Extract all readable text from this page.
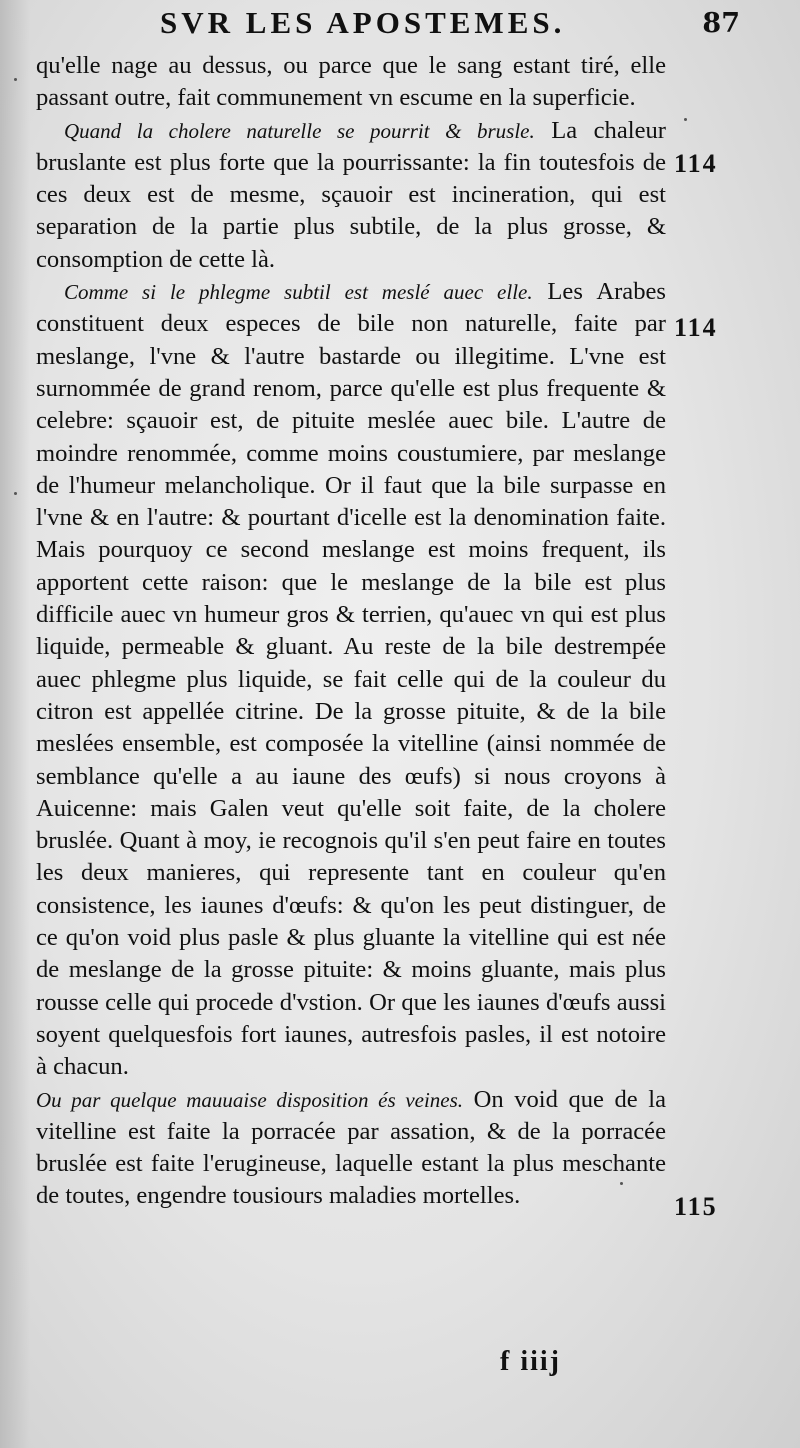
SVR LES APOSTEMES.	87

qu'elle nage au dessus, ou parce que le sang estant tiré, elle passant outre, fait communement vn escume en la superficie.

Quand la cholere naturelle se pourrit & brusle. La chaleur bruslante est plus forte que la pourrissante: la fin toutesfois de ces deux est de mesme, sçauoir est incineration, qui est separation de la partie plus subtile, de la plus grosse, & consomption de cette là.

Comme si le phlegme subtil est meslé auec elle. Les Arabes constituent deux especes de bile non naturelle, faite par meslange, l'vne & l'autre bastarde ou illegitime. L'vne est surnommée de grand renom, parce qu'elle est plus frequente & celebre: sçauoir est, de pituite meslée auec bile. L'autre de moindre renommée, comme moins coustumiere, par meslange de l'humeur melancholique. Or il faut que la bile surpasse en l'vne & en l'autre: & pourtant d'icelle est la denomination faite. Mais pourquoy ce second meslange est moins frequent, ils apportent cette raison: que le meslange de la bile est plus difficile auec vn humeur gros & terrien, qu'auec vn qui est plus liquide, permeable & gluant. Au reste de la bile destrempée auec phlegme plus liquide, se fait celle qui de la couleur du citron est appellée citrine. De la grosse pituite, & de la bile meslées ensemble, est composée la vitelline (ainsi nommée de semblance qu'elle a au iaune des œufs) si nous croyons à Auicenne: mais Galen veut qu'elle soit faite, de la cholere bruslée. Quant à moy, ie recognois qu'il s'en peut faire en toutes les deux manieres, qui represente tant en couleur qu'en consistence, les iaunes d'œufs: & qu'on les peut distinguer, de ce qu'on void plus pasle & plus gluante la vitelline qui est née de meslange de la grosse pituite: & moins gluante, mais plus rousse celle qui procede d'vstion. Or que les iaunes d'œufs aussi soyent quelquesfois fort iaunes, autresfois pasles, il est notoire à chacun.

Ou par quelque mauuaise disposition és veines. On void que de la vitelline est faite la porracée par assation, & de la porracée bruslée est faite l'erugineuse, laquelle estant la plus meschante de toutes, engendre tousiours maladies mortelles.

114
114
115
f iiij
